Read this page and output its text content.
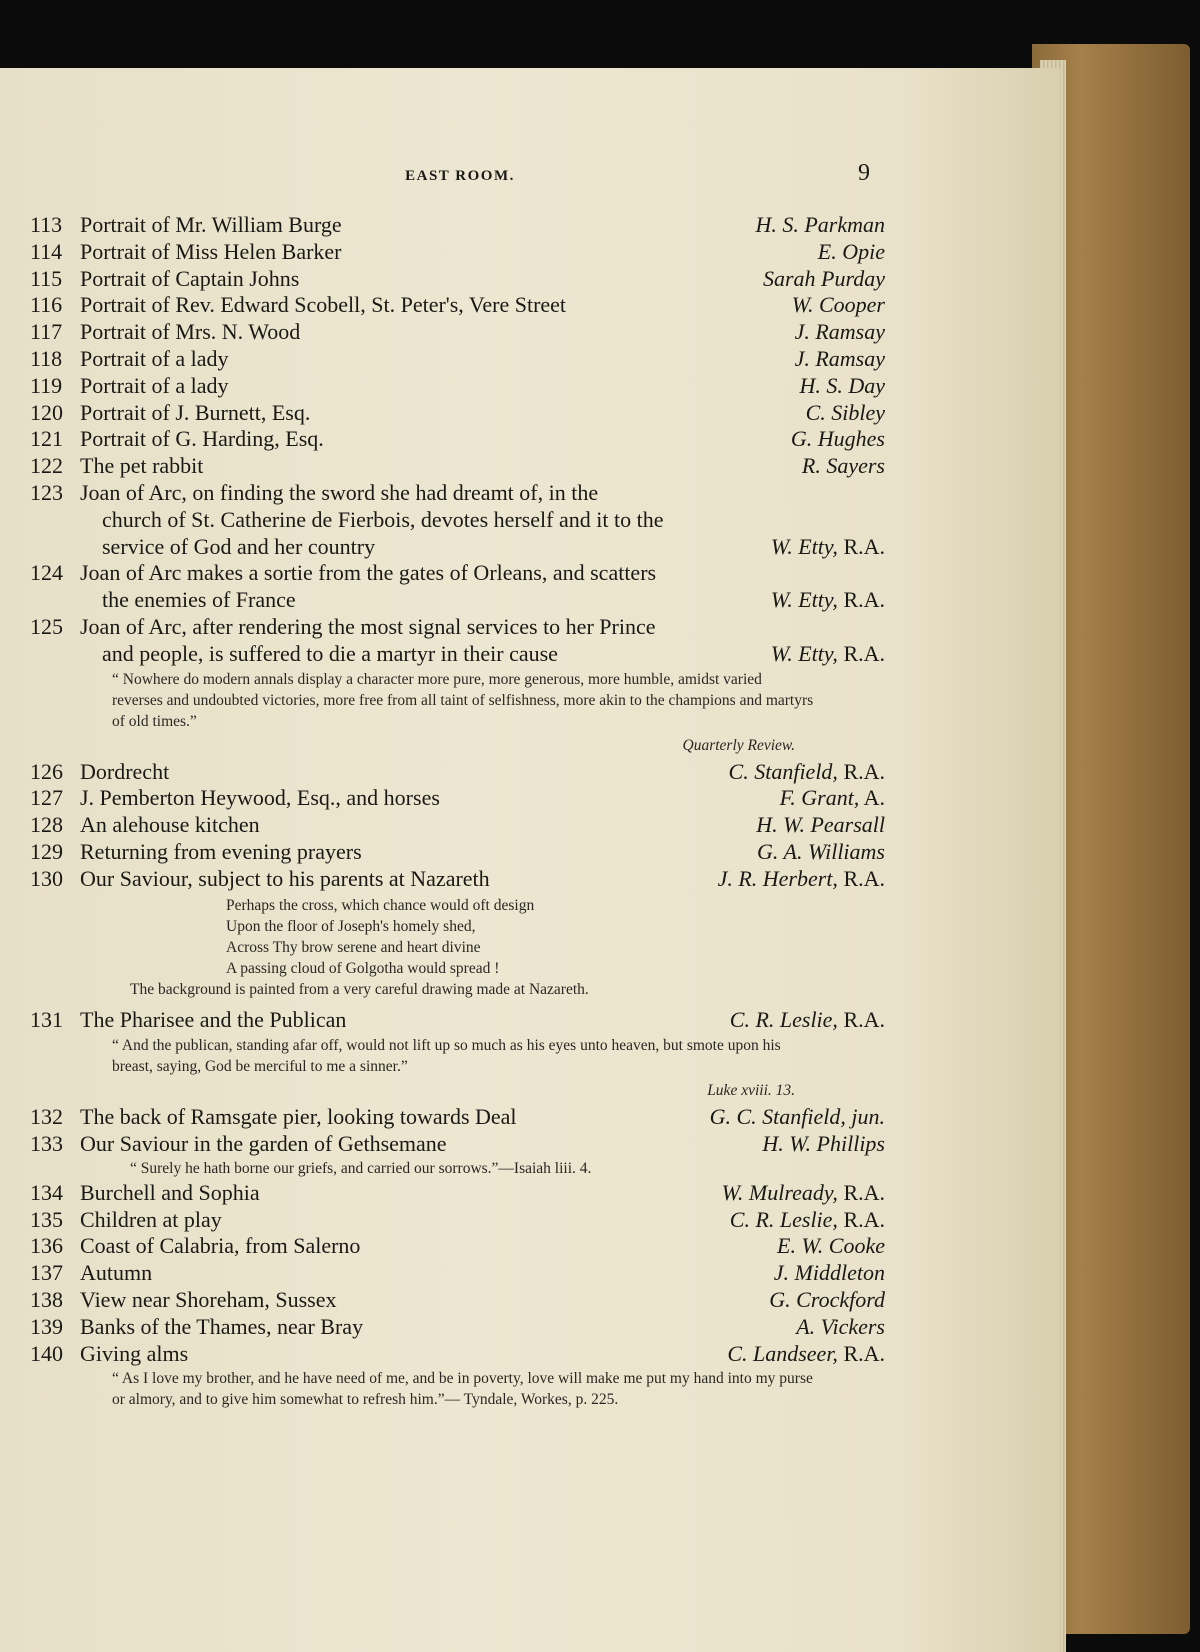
EAST ROOM.	9
113 Portrait of Mr. William Burge	H. S. Parkman
114 Portrait of Miss Helen Barker	E. Opie
115 Portrait of Captain Johns	Sarah Purday
116 Portrait of Rev. Edward Scobell, St. Peter's, Vere Street	W. Cooper
117 Portrait of Mrs. N. Wood	J. Ramsay
118 Portrait of a lady	J. Ramsay
119 Portrait of a lady	H. S. Day
120 Portrait of J. Burnett, Esq.	C. Sibley
121 Portrait of G. Harding, Esq.	G. Hughes
122 The pet rabbit	R. Sayers
123 Joan of Arc, on finding the sword she had dreamt of, in the
church of St. Catherine de Fierbois, devotes herself and it to the
service of God and her country	W. Etty, R.A.
124 Joan of Arc makes a sortie from the gates of Orleans, and scatters
the enemies of France	W. Etty, R.A.
125 Joan of Arc, after rendering the most signal services to her Prince
and people, is suffered to die a martyr in their cause	W. Etty, R.A.
“ Nowhere do modern annals display a character more pure, more generous, more humble, amidst varied reverses and undoubted victories, more free from all taint of selfishness, more akin to the champions and martyrs of old times.”
Quarterly Review.
126 Dordrecht	C. Stanfield, R.A.
127 J. Pemberton Heywood, Esq., and horses	F. Grant, A.
128 An alehouse kitchen	H. W. Pearsall
129 Returning from evening prayers	G. A. Williams
130 Our Saviour, subject to his parents at Nazareth	J. R. Herbert, R.A.
Perhaps the cross, which chance would oft design
Upon the floor of Joseph's homely shed,
Across Thy brow serene and heart divine
A passing cloud of Golgotha would spread !
The background is painted from a very careful drawing made at Nazareth.
131 The Pharisee and the Publican	C. R. Leslie, R.A.
“ And the publican, standing afar off, would not lift up so much as his eyes unto heaven, but smote upon his breast, saying, God be merciful to me a sinner.”
Luke xviii. 13.
132 The back of Ramsgate pier, looking towards Deal	G. C. Stanfield, jun.
133 Our Saviour in the garden of Gethsemane	H. W. Phillips
“ Surely he hath borne our griefs, and carried our sorrows.”—Isaiah liii. 4.
134 Burchell and Sophia	W. Mulready, R.A.
135 Children at play	C. R. Leslie, R.A.
136 Coast of Calabria, from Salerno	E. W. Cooke
137 Autumn	J. Middleton
138 View near Shoreham, Sussex	G. Crockford
139 Banks of the Thames, near Bray	A. Vickers
140 Giving alms	C. Landseer, R.A.
“ As I love my brother, and he have need of me, and be in poverty, love will make me put my hand into my purse or almory, and to give him somewhat to refresh him.”— Tyndale, Workes, p. 225.
